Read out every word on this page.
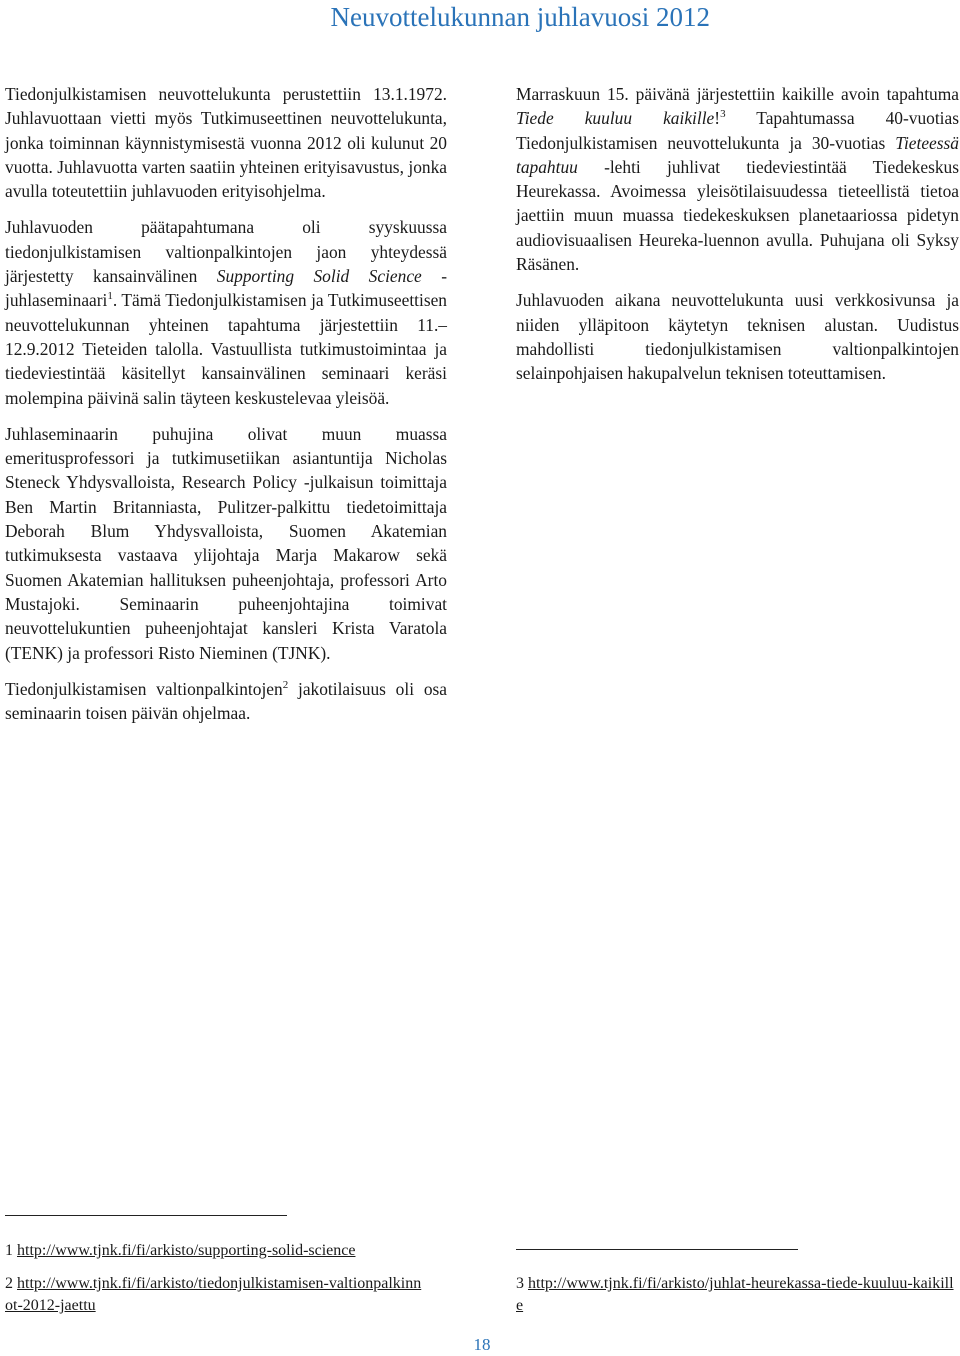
Neuvottelukunnan juhlavuosi 2012

Tiedonjulkistamisen neuvottelukunta perustettiin 13.1.1972. Juhlavuottaan vietti myös Tutkimuseettinen neuvottelukunta, jonka toiminnan käynnistymisestä vuonna 2012 oli kulunut 20 vuotta. Juhlavuotta varten saatiin yhteinen erityisavustus, jonka avulla toteutettiin juhlavuoden erityisohjelma.

Juhlavuoden päätapahtumana oli syyskuussa tiedonjulkistamisen valtionpalkintojen jaon yhteydessä järjestetty kansainvälinen Supporting Solid Science -juhlaseminaari$^1$. Tämä Tiedonjulkistamisen ja Tutkimuseettisen neuvottelukunnan yhteinen tapahtuma järjestettiin 11.– 12.9.2012 Tieteiden talolla. Vastuullista tutkimustoimintaa ja tiedeviestintää käsitellyt kansainvälinen seminaari keräsi molempina päivinä salin täyteen keskustelevaa yleisöä.

Juhlaseminaarin puhujina olivat muun muassa emeritusprofessori ja tutkimusetiikan asiantuntija Nicholas Steneck Yhdysvalloista, Research Policy -julkaisun toimittaja Ben Martin Britanniasta, Pulitzer-palkittu tiedetoimittaja Deborah Blum Yhdysvalloista, Suomen Akatemian tutkimuksesta vastaava ylijohtaja Marja Makarow sekä Suomen Akatemian hallituksen puheenjohtaja, professori Arto Mustajoki. Seminaarin puheenjohtajina toimivat neuvottelukuntien puheenjohtajat kansleri Krista Varatola (TENK) ja professori Risto Nieminen (TJNK).

Tiedonjulkistamisen valtionpalkintojen$^2$ jakotilaisuus oli osa seminaarin toisen päivän ohjelmaa.

Marraskuun 15. päivänä järjestettiin kaikille avoin tapahtuma Tiede kuuluu kaikille!$^3$ Tapahtumassa 40-vuotias Tiedonjulkistamisen neuvottelukunta ja 30-vuotias Tieteessä tapahtuu -lehti juhlivat tiedeviestintää Tiedekeskus Heurekassa. Avoimessa yleisötilaisuudessa tieteellistä tietoa jaettiin muun muassa tiedekeskuksen planetaariossa pidetyn audiovisuaalisen Heureka-luennon avulla. Puhujana oli Syksy Räsänen.

Juhlavuoden aikana neuvottelukunta uusi verkkosivunsa ja niiden ylläpitoon käytetyn teknisen alustan. Uudistus mahdollisti tiedonjulkistamisen valtionpalkintojen selainpohjaisen hakupalvelun teknisen toteuttamisen.

1 http://www.tjnk.fi/fi/arkisto/supporting-solid-science
2 http://www.tjnk.fi/fi/arkisto/tiedonjulkistamisen-valtionpalkinnot-2012-jaettu
3 http://www.tjnk.fi/fi/arkisto/juhlat-heurekassa-tiede-kuuluu-kaikille
18
